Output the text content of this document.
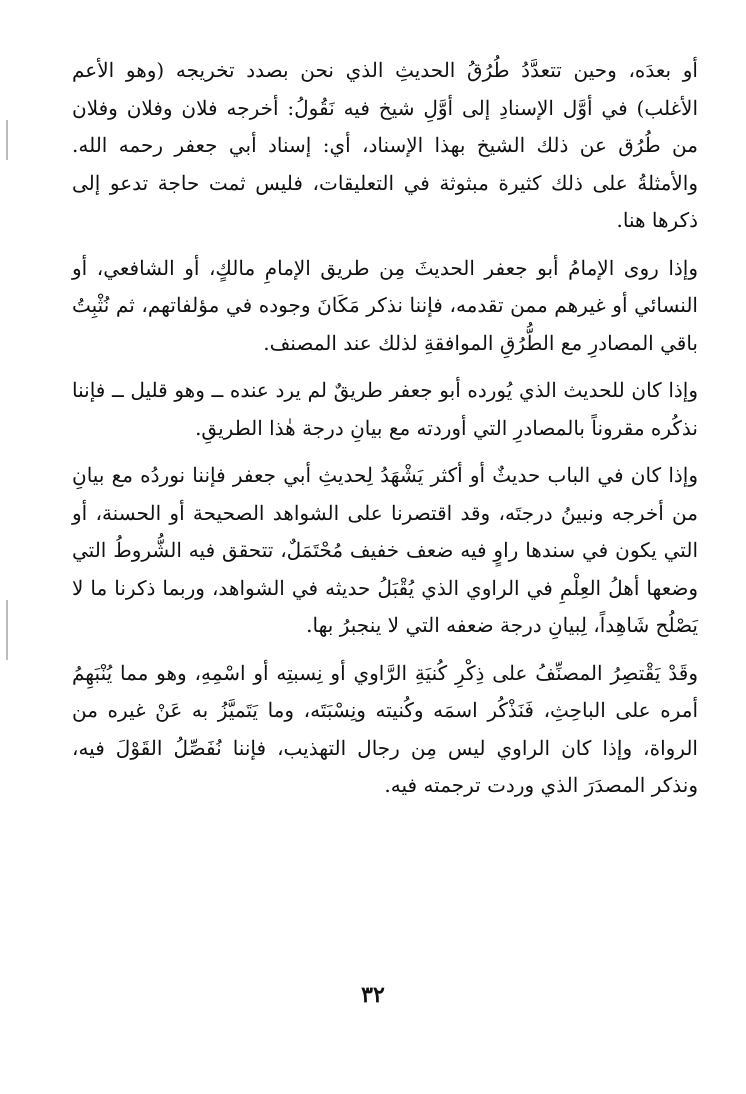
أو بعدَه، وحين تتعدَّدُ طُرُقُ الحديثِ الذي نحن بصدد تخريجه (وهو الأعم الأغلب) في أوَّل الإسنادِ إلى أوَّلِ شيخ فيه نَقُولُ: أخرجه فلان وفلان وفلان من طُرُق عن ذلك الشيخ بهذا الإسناد، أي: إسناد أبي جعفر رحمه الله. والأمثلةُ على ذلك كثيرة مبثوثة في التعليقات، فليس ثمت حاجة تدعو إلى ذكرها هنا.

وإذا روى الإمامُ أبو جعفر الحديثَ مِن طريق الإمامِ مالكٍ، أو الشافعي، أو النسائي أو غيرهم ممن تقدمه، فإننا نذكر مَكَانَ وجوده في مؤلفاتهم، ثم نُثْبِتُ باقي المصادرِ مع الطُّرُقِ الموافقةِ لذلك عند المصنف.

وإذا كان للحديث الذي يُورده أبو جعفر طريقٌ لم يرد عنده ــ وهو قليل ــ فإننا نذكُره مقروناً بالمصادرِ التي أوردته مع بيانِ درجة هٰذا الطريقِ.

وإذا كان في الباب حديثٌ أو أكثر يَشْهَدُ لِحديثِ أبي جعفر فإننا نوردُه مع بيانِ من أخرجه ونبينُ درجتَه، وقد اقتصرنا على الشواهد الصحيحة أو الحسنة، أو التي يكون في سندها راوٍ فيه ضعف خفيف مُحْتَمَلٌ، تتحقق فيه الشُّروطُ التي وضعها أهلُ العِلْمِ في الراوي الذي يُقْبَلُ حديثه في الشواهد، وربما ذكرنا ما لا يَصْلُح شَاهِداً، لِبيانِ درجة ضعفه التي لا ينجبرُ بها.

وقَدْ يَقْتصِرُ المصنِّفُ على ذِكْرِ كُنيَةِ الرَّاوي أو نِسبتِه أو اسْمِهِ، وهو مما يُنْبَهِمُ أمره على الباحِثِ، فَنَذْكُر اسمَه وكُنيته ونِسْبَتَه، وما يَتَميَّزُ به عَنْ غيره من الرواة، وإذا كان الراوي ليس مِن رجال التهذيب، فإننا نُفَصِّلُ القَوْلَ فيه، ونذكر المصدَرَ الذي وردت ترجمته فيه.

٣٢
